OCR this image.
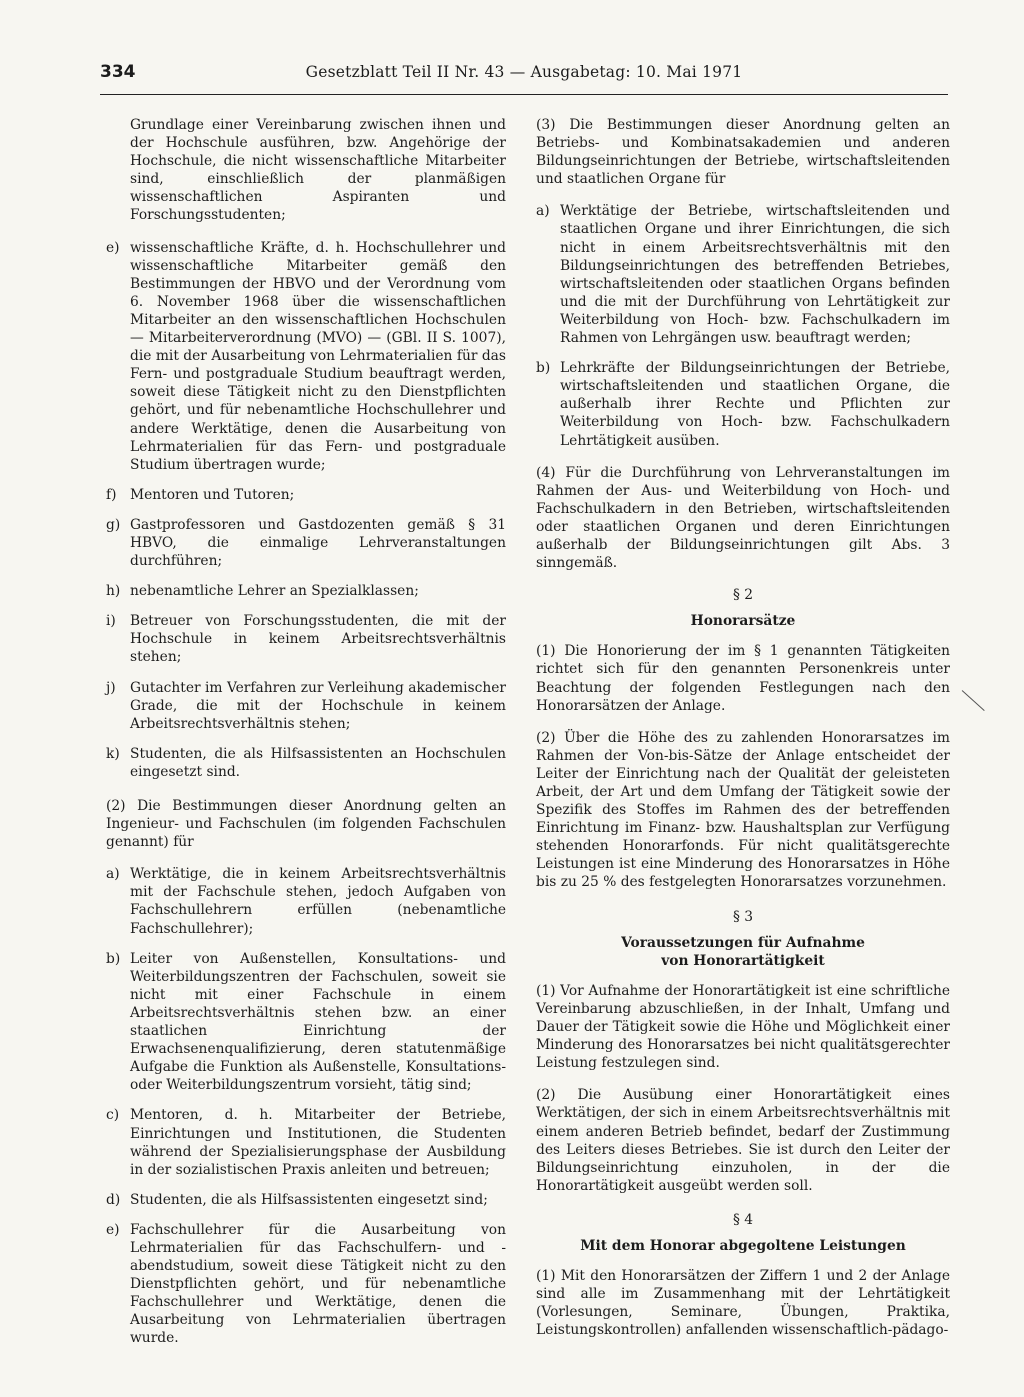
334	Gesetzblatt Teil II Nr. 43 — Ausgabetag: 10. Mai 1971

Grundlage einer Vereinbarung zwischen ihnen und der Hochschule ausführen, bzw. Angehörige der Hochschule, die nicht wissenschaftliche Mitarbeiter sind, einschließlich der planmäßigen wissenschaftlichen Aspiranten und Forschungsstudenten;

e) wissenschaftliche Kräfte, d. h. Hochschullehrer und wissenschaftliche Mitarbeiter gemäß den Bestimmungen der HBVO und der Verordnung vom 6. November 1968 über die wissenschaftlichen Mitarbeiter an den wissenschaftlichen Hochschulen — Mitarbeiterverordnung (MVO) — (GBl. II S. 1007), die mit der Ausarbeitung von Lehrmaterialien für das Fern- und postgraduale Studium beauftragt werden, soweit diese Tätigkeit nicht zu den Dienstpflichten gehört, und für nebenamtliche Hochschullehrer und andere Werktätige, denen die Ausarbeitung von Lehrmaterialien für das Fern- und postgraduale Studium übertragen wurde;
f) Mentoren und Tutoren;
g) Gastprofessoren und Gastdozenten gemäß § 31 HBVO, die einmalige Lehrveranstaltungen durchführen;
h) nebenamtliche Lehrer an Spezialklassen;
i)	Betreuer von Forschungsstudenten, die mit der Hochschule in keinem Arbeitsrechtsverhältnis stehen;
j)	Gutachter im Verfahren zur Verleihung akademischer Grade, die mit der Hochschule in keinem Arbeitsrechtsverhältnis stehen;
k) Studenten, die als Hilfsassistenten an Hochschulen eingesetzt sind.

(2) Die Bestimmungen dieser Anordnung gelten an Ingenieur- und Fachschulen (im folgenden Fachschulen genannt) für

a) Werktätige, die in keinem Arbeitsrechtsverhältnis mit der Fachschule stehen, jedoch Aufgaben von Fachschullehrern erfüllen (nebenamtliche Fachschullehrer);
b) Leiter von Außenstellen, Konsultations- und Weiterbildungszentren der Fachschulen, soweit sie nicht mit einer Fachschule in einem Arbeitsrechtsverhältnis stehen bzw. an einer staatlichen Einrichtung der Erwachsenenqualifizierung, deren statutenmäßige Aufgabe die Funktion als Außenstelle, Konsultations- oder Weiterbildungszentrum vorsieht, tätig sind;
c) Mentoren, d. h. Mitarbeiter der Betriebe, Einrichtungen und Institutionen, die Studenten während der Spezialisierungsphase der Ausbildung in der sozialistischen Praxis anleiten und betreuen;
d) Studenten, die als Hilfsassistenten eingesetzt sind;
e) Fachschullehrer für die Ausarbeitung von Lehrmaterialien für das Fachschulfern- und -abendstudium, soweit diese Tätigkeit nicht zu den Dienstpflichten gehört, und für nebenamtliche Fachschullehrer und Werktätige, denen die Ausarbeitung von Lehrmaterialien übertragen wurde.

(3) Die Bestimmungen dieser Anordnung gelten an Betriebs- und Kombinatsakademien und anderen Bildungseinrichtungen der Betriebe, wirtschaftsleitenden und staatlichen Organe für

a) Werktätige der Betriebe, wirtschaftsleitenden und staatlichen Organe und ihrer Einrichtungen, die sich nicht in einem Arbeitsrechtsverhältnis mit den Bildungseinrichtungen des betreffenden Betriebes, wirtschaftsleitenden oder staatlichen Organs befinden und die mit der Durchführung von Lehrtätigkeit zur Weiterbildung von Hoch- bzw. Fachschulkadern im Rahmen von Lehrgängen usw. beauftragt werden;
b) Lehrkräfte der Bildungseinrichtungen der Betriebe, wirtschaftsleitenden und staatlichen Organe, die außerhalb ihrer Rechte und Pflichten zur Weiterbildung von Hoch- bzw. Fachschulkadern Lehrtätigkeit ausüben.

(4) Für die Durchführung von Lehrveranstaltungen im Rahmen der Aus- und Weiterbildung von Hoch- und Fachschulkadern in den Betrieben, wirtschaftsleitenden oder staatlichen Organen und deren Einrichtungen außerhalb der Bildungseinrichtungen gilt Abs. 3 sinngemäß.

§ 2
Honorarsätze

(1) Die Honorierung der im § 1 genannten Tätigkeiten richtet sich für den genannten Personenkreis unter Beachtung der folgenden Festlegungen nach den Honorarsätzen der Anlage.

(2) Über die Höhe des zu zahlenden Honorarsatzes im Rahmen der Von-bis-Sätze der Anlage entscheidet der Leiter der Einrichtung nach der Qualität der geleisteten Arbeit, der Art und dem Umfang der Tätigkeit sowie der Spezifik des Stoffes im Rahmen des der betreffenden Einrichtung im Finanz- bzw. Haushaltsplan zur Verfügung stehenden Honorarfonds. Für nicht qualitätsgerechte Leistungen ist eine Minderung des Honorarsatzes in Höhe bis zu 25 % des festgelegten Honorarsatzes vorzunehmen.

§ 3
Voraussetzungen für Aufnahme
von Honorartätigkeit

(1) Vor Aufnahme der Honorartätigkeit ist eine schriftliche Vereinbarung abzuschließen, in der Inhalt, Umfang und Dauer der Tätigkeit sowie die Höhe und Möglichkeit einer Minderung des Honorarsatzes bei nicht qualitätsgerechter Leistung festzulegen sind.

(2) Die Ausübung einer Honorartätigkeit eines Werktätigen, der sich in einem Arbeitsrechtsverhältnis mit einem anderen Betrieb befindet, bedarf der Zustimmung des Leiters dieses Betriebes. Sie ist durch den Leiter der Bildungseinrichtung einzuholen, in der die Honorartätigkeit ausgeübt werden soll.

§ 4
Mit dem Honorar abgegoltene Leistungen

(1) Mit den Honorarsätzen der Ziffern 1 und 2 der Anlage sind alle im Zusammenhang mit der Lehrtätigkeit (Vorlesungen, Seminare, Übungen, Praktika, Leistungskontrollen) anfallenden wissenschaftlich-pädago-
